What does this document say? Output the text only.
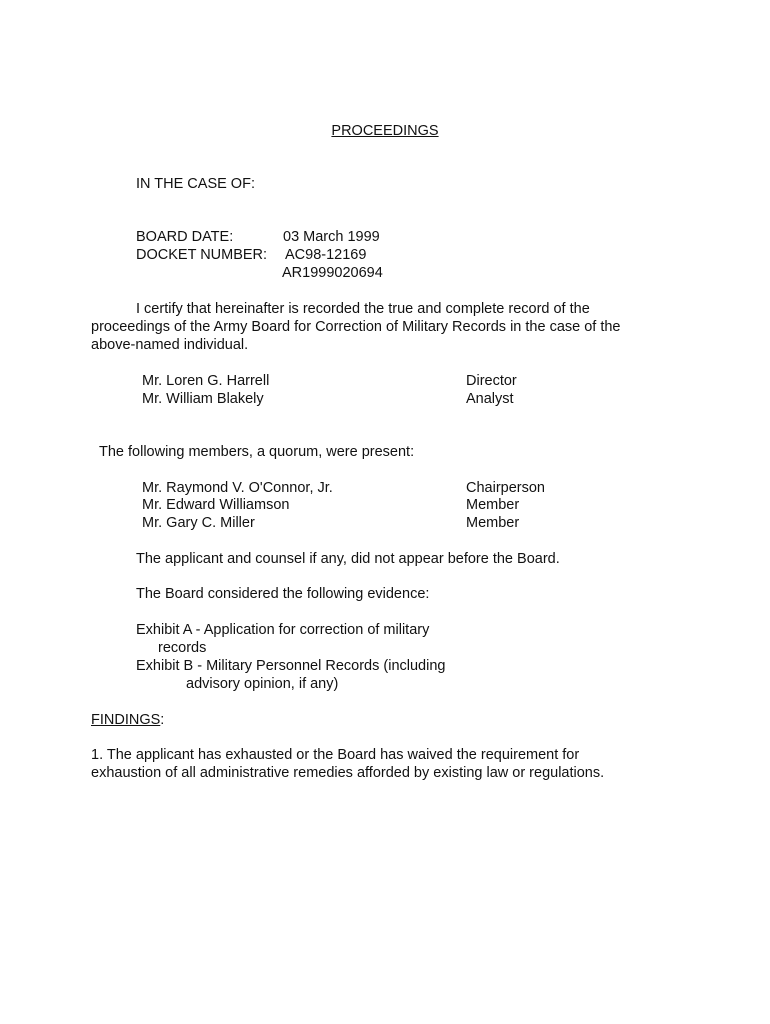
PROCEEDINGS
IN THE CASE OF:
BOARD DATE:	03 March 1999
DOCKET NUMBER: AC98-12169
AR1999020694
I certify that hereinafter is recorded the true and complete record of the
proceedings of the Army Board for Correction of Military Records in the case of the
above-named individual.
Mr. Loren G. Harrell	Director
Mr. William Blakely	Analyst
The following members, a quorum, were present:
Mr. Raymond V. O'Connor, Jr.	Chairperson
Mr. Edward Williamson	Member
Mr. Gary C. Miller	Member
The applicant and counsel if any, did not appear before the Board.
The Board considered the following evidence:
Exhibit A - Application for correction of military
records
Exhibit B - Military Personnel Records (including
advisory opinion, if any)
FINDINGS:
1. The applicant has exhausted or the Board has waived the requirement for
exhaustion of all administrative remedies afforded by existing law or regulations.
